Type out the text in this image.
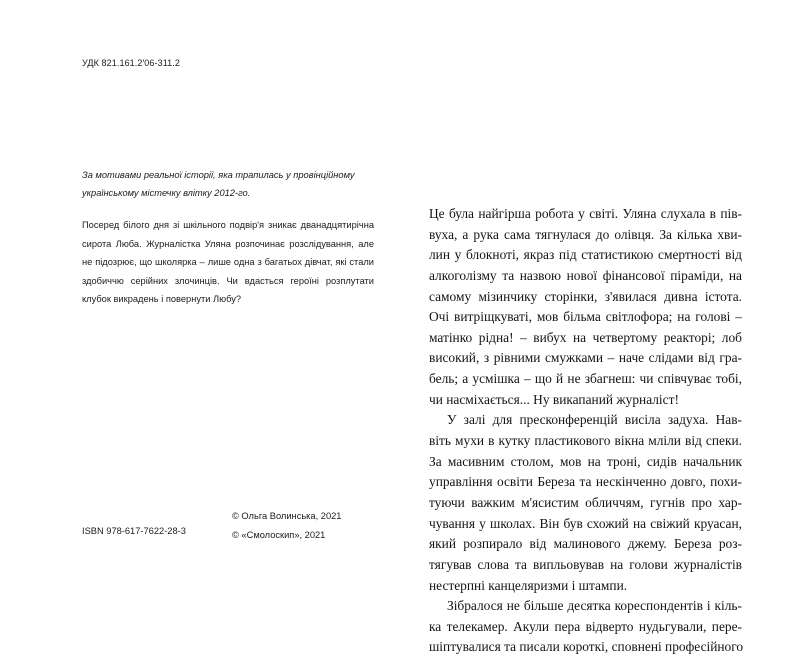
УДК 821.161.2'06-311.2
За мотивами реальної історії, яка трапилась у провінційному
українському містечку влітку 2012-го.
Посеред білого дня зі шкільного подвір'я зникає дванадцятирічна сирота Люба. Журналістка Уляна розпочинає розслідування, але не підозрює, що школярка – лише одна з багатьох дівчат, які стали здобиччю серійних злочинців. Чи вдасться героїні розплутати клубок викрадень і повернути Любу?
© Ольга Волинська, 2021
© «Смолоскип», 2021
ISBN 978-617-7622-28-3
Це була найгірша робота у світі. Уляна слухала в пів-
вуха, а рука сама тягнулася до олівця. За кілька хви-
лин у блокноті, якраз під статистикою смертності від
алкоголізму та назвою нової фінансової піраміди, на
самому мізинчику сторінки, з'явилася дивна істота.
Очі витріщкуваті, мов більма світлофора; на голові –
матінко рідна! – вибух на четвертому реакторі; лоб
високий, з рівними смужками – наче слідами від гра-
бель; а усмішка – що й не збагнеш: чи співчуває тобі,
чи насміхається... Ну викапаний журналіст!
У залі для пресконференцій висіла задуха. Нав-
віть мухи в кутку пластикового вікна мліли від спеки.
За масивним столом, мов на троні, сидів начальник
управління освіти Береза та нескінченно довго, похи-
туючи важким м'ясистим обличчям, гугнів про хар-
чування у школах. Він був схожий на свіжий круасан,
який розпирало від малинового джему. Береза роз-
тягував слова та випльовував на голови журналістів
нестерпні канцеляризми і штампи.
Зібралося не більше десятка кореспондентів і кіль-
ка телекамер. Акули пера відверто нудьгували, пере-
шіптувалися та писали короткі, сповнені професійного
